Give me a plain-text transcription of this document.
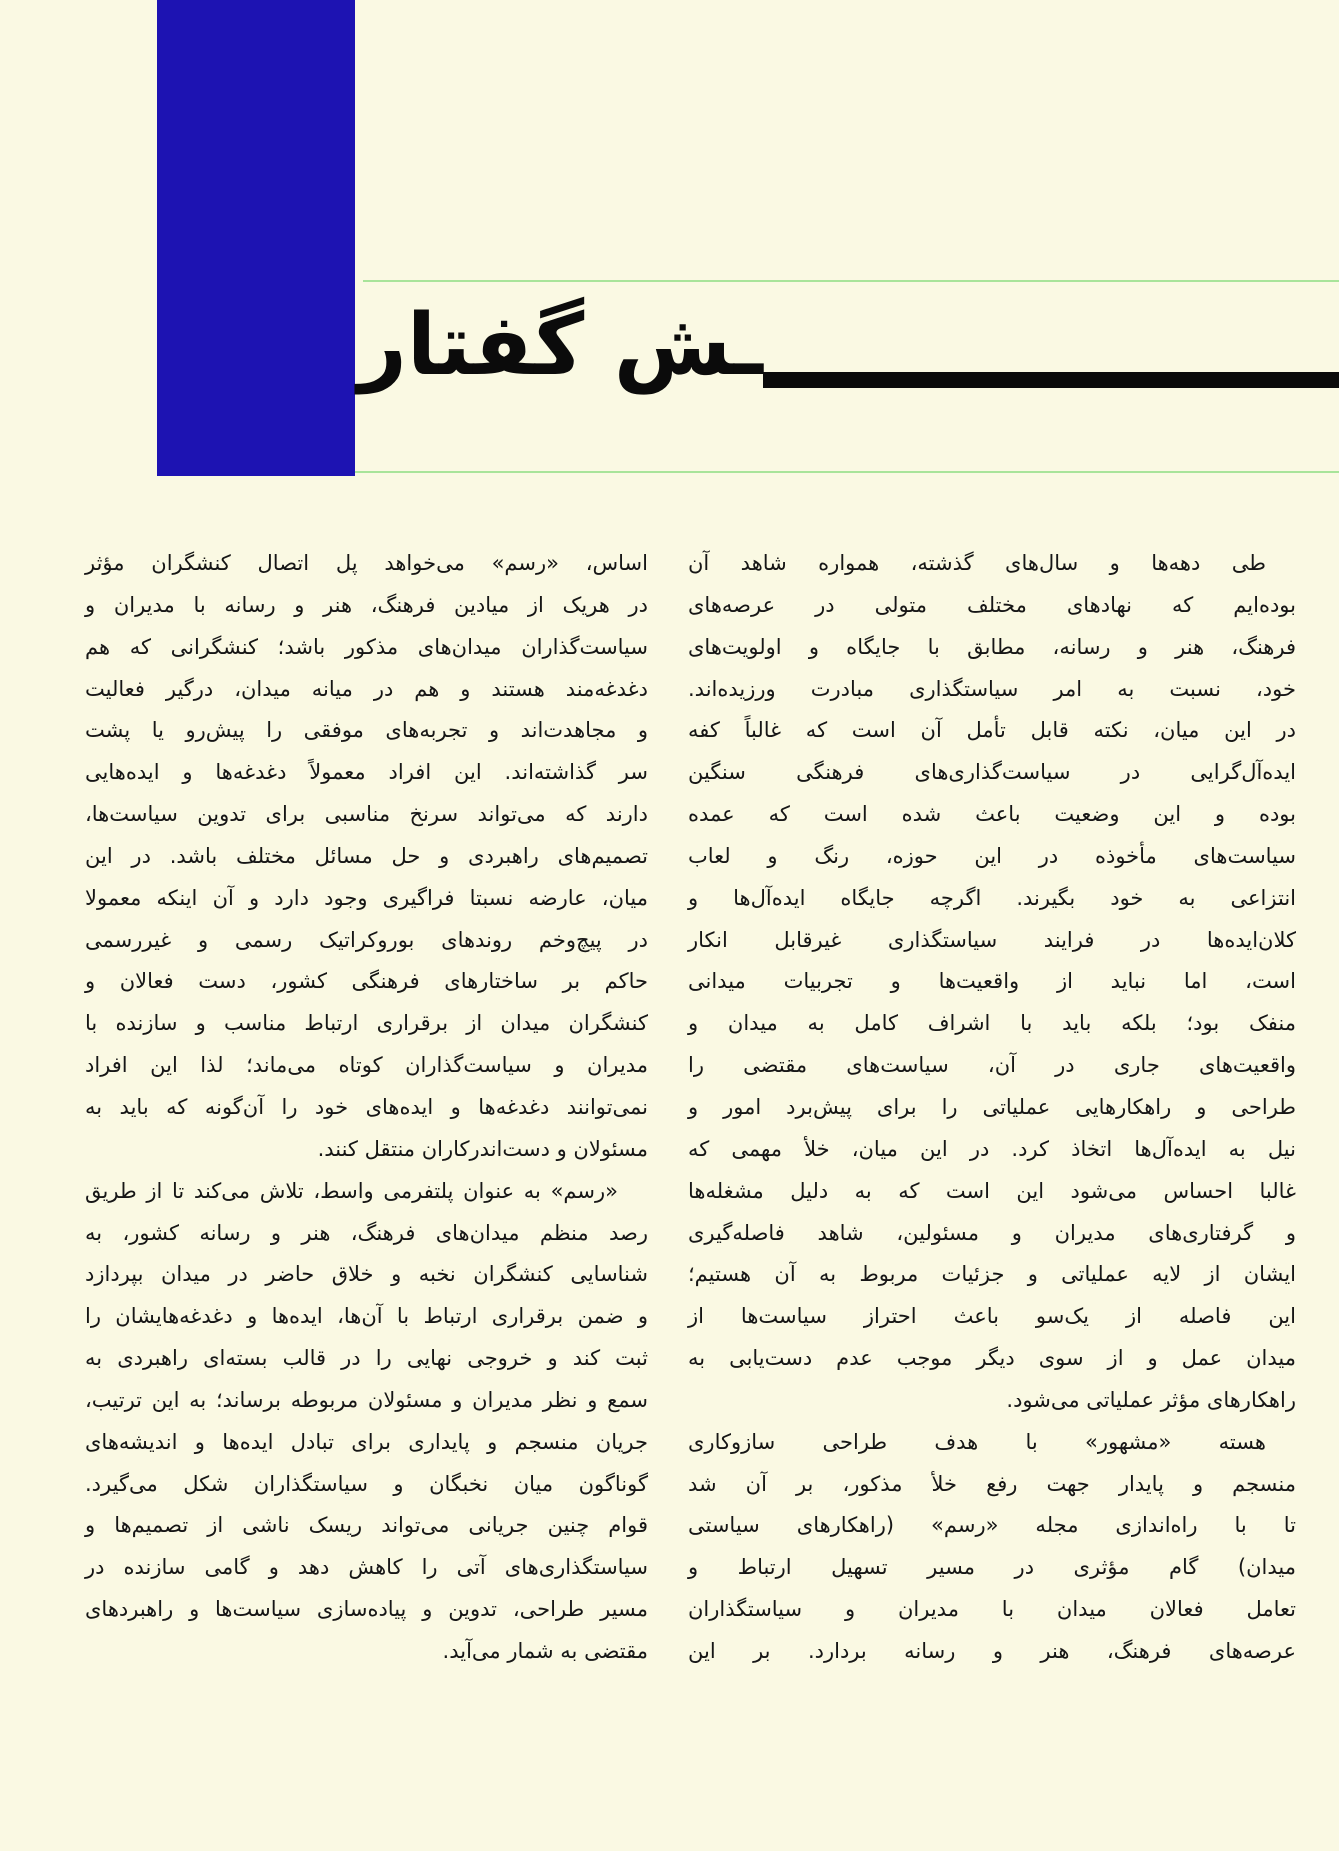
ـش گفتار
طی دهه‌ها و سال‌های گذشته، همواره شاهد آن
بوده‌ایم که نهادهای مختلف متولی در عرصه‌های
فرهنگ، هنر و رسانه، مطابق با جایگاه و اولویت‌های
خود، نسبت به امر سیاستگذاری مبادرت ورزیده‌اند.
در این میان، نکته قابل تأمل آن است که غالباً کفه
ایده‌آل‌گرایی در سیاست‌گذاری‌های فرهنگی سنگین
بوده و این وضعیت باعث شده است که عمده
سیاست‌های مأخوذه در این حوزه، رنگ و لعاب
انتزاعی به خود بگیرند. اگرچه جایگاه ایده‌آل‌ها و
کلان‌ایده‌ها در فرایند سیاستگذاری غیرقابل انکار
است، اما نباید از واقعیت‌ها و تجربیات میدانی
منفک بود؛ بلکه باید با اشراف کامل به میدان و
واقعیت‌های جاری در آن، سیاست‌های مقتضی را
طراحی و راهکارهایی عملیاتی را برای پیش‌برد امور و
نیل به ایده‌آل‌ها اتخاذ کرد. در این میان، خلأ مهمی که
غالبا احساس می‌شود این است که به دلیل مشغله‌ها
و گرفتاری‌های مدیران و مسئولین، شاهد فاصله‌گیری
ایشان از لایه عملیاتی و جزئیات مربوط به آن هستیم؛
این فاصله از یک‌سو باعث احتراز سیاست‌ها از
میدان عمل و از سوی دیگر موجب عدم دست‌یابی به
راهکارهای مؤثر عملیاتی می‌شود.
هسته «مشهور» با هدف طراحی سازوکاری
منسجم و پایدار جهت رفع خلأ مذکور، بر آن شد
تا با راه‌اندازی مجله «رسم» (راهکارهای سیاستی
میدان) گام مؤثری در مسیر تسهیل ارتباط و
تعامل فعالان میدان با مدیران و سیاستگذاران
عرصه‌های فرهنگ، هنر و رسانه بردارد. بر این
اساس، «رسم» می‌خواهد پل اتصال کنشگران مؤثر
در هریک از میادین فرهنگ، هنر و رسانه با مدیران و
سیاست‌گذاران میدان‌های مذکور باشد؛ کنشگرانی که هم
دغدغه‌مند هستند و هم در میانه میدان، درگیر فعالیت
و مجاهدت‌اند و تجربه‌های موفقی را پیش‌رو یا پشت
سر گذاشته‌اند. این افراد معمولاً دغدغه‌ها و ایده‌هایی
دارند که می‌تواند سرنخ مناسبی برای تدوین سیاست‌ها،
تصمیم‌های راهبردی و حل مسائل مختلف باشد. در این
میان، عارضه نسبتا فراگیری وجود دارد و آن اینکه معمولا
در پیچ‌وخم روندهای بوروکراتیک رسمی و غیررسمی
حاکم بر ساختارهای فرهنگی کشور، دست فعالان و
کنشگران میدان از برقراری ارتباط مناسب و سازنده با
مدیران و سیاست‌گذاران کوتاه می‌ماند؛ لذا این افراد
نمی‌توانند دغدغه‌ها و ایده‌های خود را آن‌گونه که باید به
مسئولان و دست‌اندرکاران منتقل کنند.
«رسم» به عنوان پلتفرمی واسط، تلاش می‌کند تا از طریق
رصد منظم میدان‌های فرهنگ، هنر و رسانه کشور، به
شناسایی کنشگران نخبه و خلاق حاضر در میدان بپردازد
و ضمن برقراری ارتباط با آن‌ها، ایده‌ها و دغدغه‌هایشان را
ثبت کند و خروجی نهایی را در قالب بسته‌ای راهبردی به
سمع و نظر مدیران و مسئولان مربوطه برساند؛ به این ترتیب،
جریان منسجم و پایداری برای تبادل ایده‌ها و اندیشه‌های
گوناگون میان نخبگان و سیاستگذاران شکل می‌گیرد.
قوام چنین جریانی می‌تواند ریسک ناشی از تصمیم‌ها و
سیاستگذاری‌های آتی را کاهش دهد و گامی سازنده در
مسیر طراحی، تدوین و پیاده‌سازی سیاست‌ها و راهبردهای
مقتضی به شمار می‌آید.
